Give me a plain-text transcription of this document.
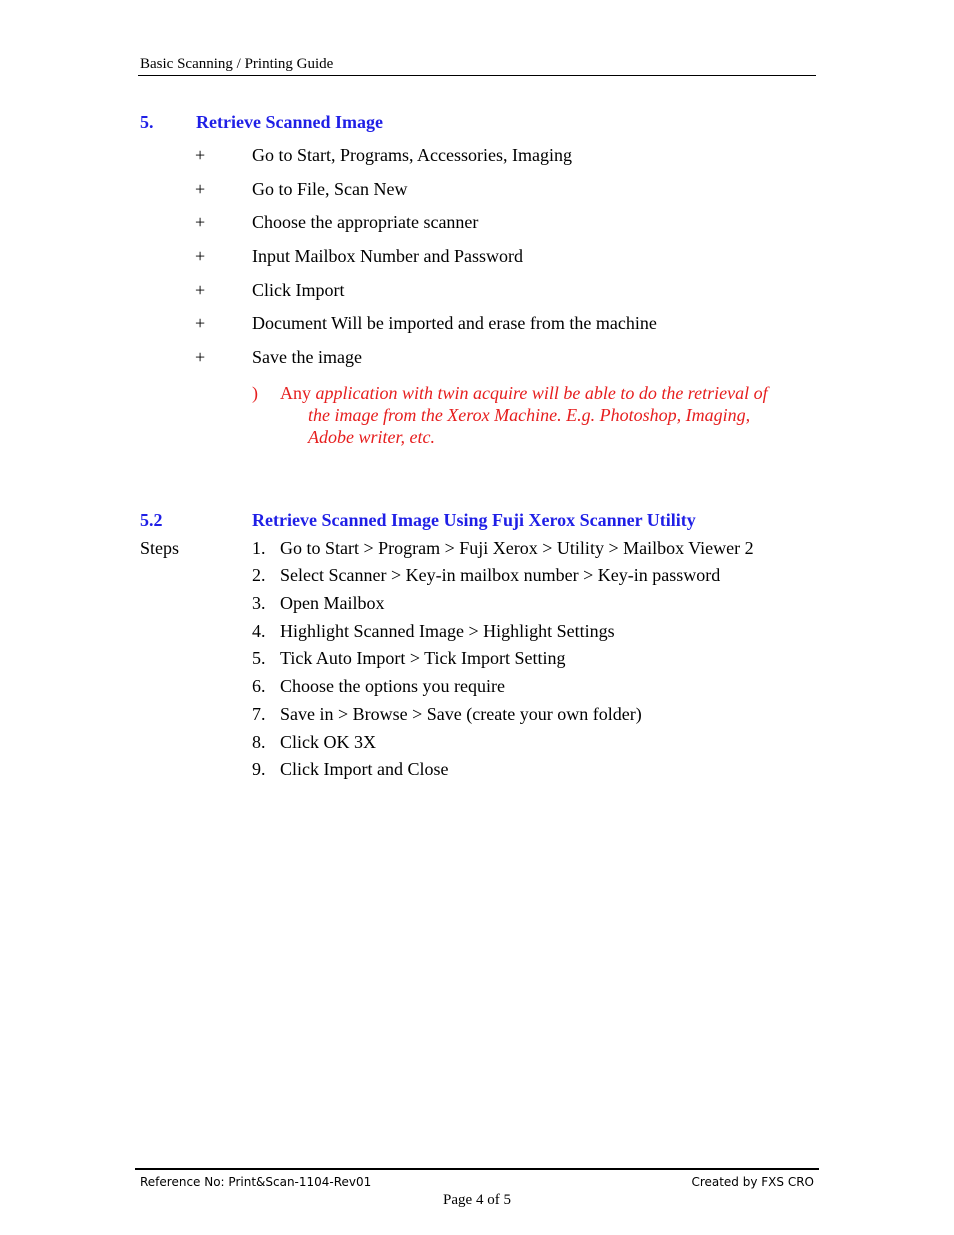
Basic Scanning / Printing Guide
5. Retrieve Scanned Image
+	Go to Start, Programs, Accessories, Imaging
+	Go to File, Scan New
+	Choose the appropriate scanner
+	Input Mailbox Number and Password
+	Click Import
+	Document Will be imported and erase from the machine
+	Save the image
) Any application with twin acquire will be able to do the retrieval of
the image from the Xerox Machine. E.g. Photoshop, Imaging,
Adobe writer, etc.
5.2	Retrieve Scanned Image Using Fuji Xerox Scanner Utility
Steps	1. Go to Start > Program > Fuji Xerox > Utility > Mailbox Viewer 2
2. Select Scanner > Key-in mailbox number > Key-in password
3. Open Mailbox
4. Highlight Scanned Image > Highlight Settings
5. Tick Auto Import > Tick Import Setting
6. Choose the options you require
7. Save in > Browse > Save (create your own folder)
8. Click OK 3X
9. Click Import and Close
Reference No: Print&Scan-1104-Rev01	Created by FXS CRO
Page 4 of 5
